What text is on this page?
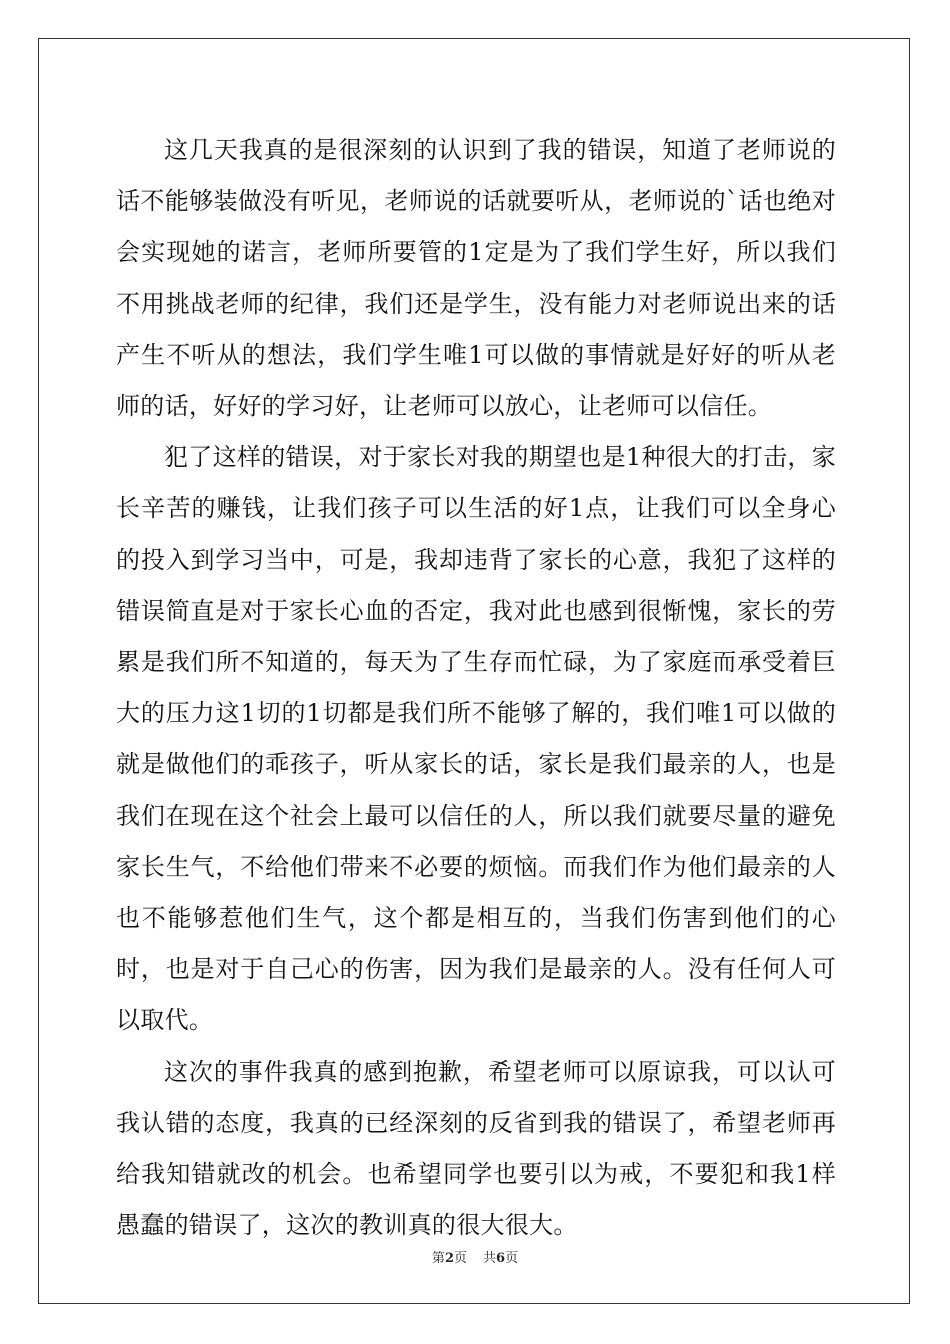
这几天我真的是很深刻的认识到了我的错误，知道了老师说的话不能够装做没有听见，老师说的话就要听从，老师说的`话也绝对会实现她的诺言，老师所要管的1定是为了我们学生好，所以我们不用挑战老师的纪律，我们还是学生，没有能力对老师说出来的话产生不听从的想法，我们学生唯1可以做的事情就是好好的听从老师的话，好好的学习好，让老师可以放心，让老师可以信任。

犯了这样的错误，对于家长对我的期望也是1种很大的打击，家长辛苦的赚钱，让我们孩子可以生活的好1点，让我们可以全身心的投入到学习当中，可是，我却违背了家长的心意，我犯了这样的错误简直是对于家长心血的否定，我对此也感到很惭愧，家长的劳累是我们所不知道的，每天为了生存而忙碌，为了家庭而承受着巨大的压力这1切的1切都是我们所不能够了解的，我们唯1可以做的就是做他们的乖孩子，听从家长的话，家长是我们最亲的人，也是我们在现在这个社会上最可以信任的人，所以我们就要尽量的避免家长生气，不给他们带来不必要的烦恼。而我们作为他们最亲的人也不能够惹他们生气，这个都是相互的，当我们伤害到他们的心时，也是对于自己心的伤害，因为我们是最亲的人。没有任何人可以取代。

这次的事件我真的感到抱歉，希望老师可以原谅我，可以认可我认错的态度，我真的已经深刻的反省到我的错误了，希望老师再给我知错就改的机会。也希望同学也要引以为戒，不要犯和我1样愚蠢的错误了，这次的教训真的很大很大。

第2页 共6页
